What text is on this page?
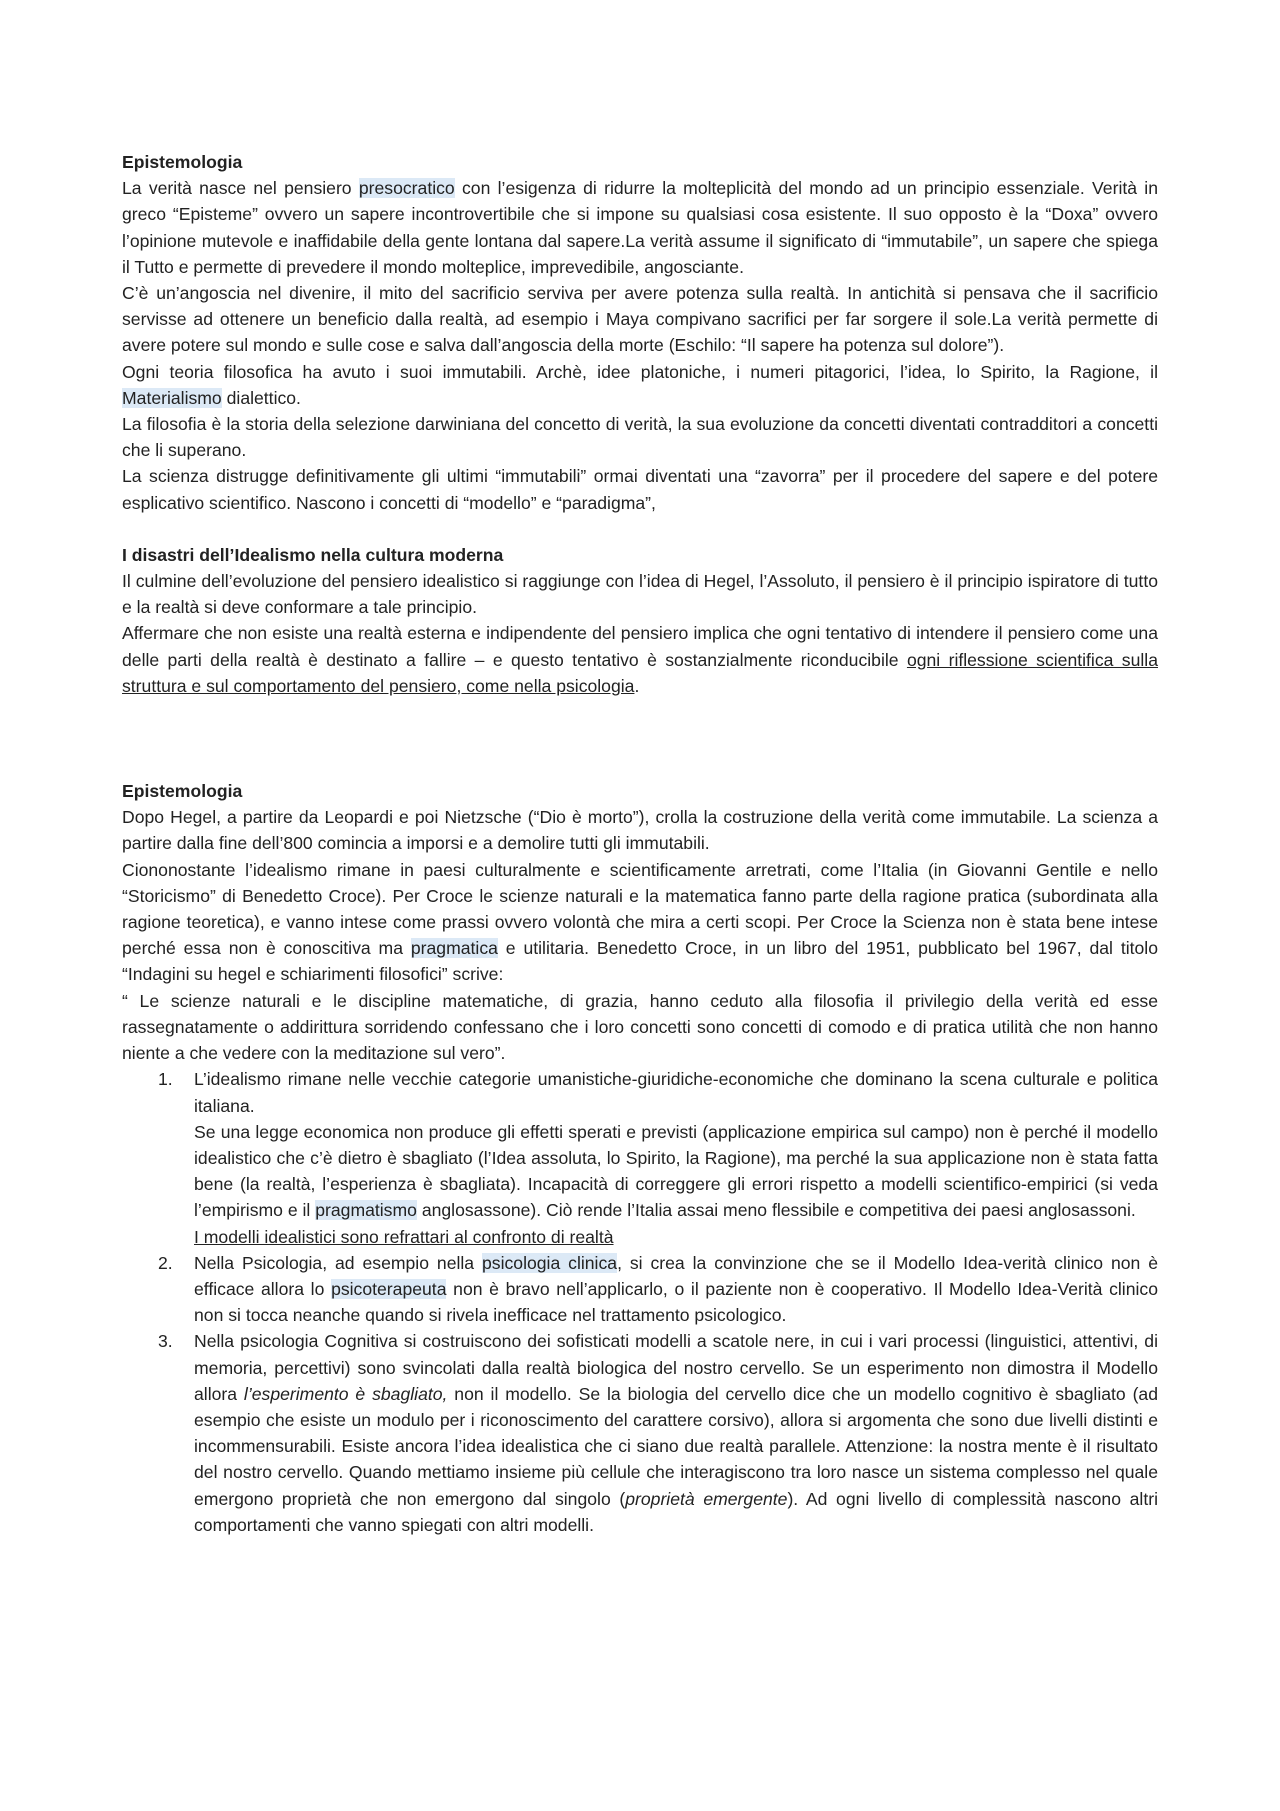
Epistemologia

La verità nasce nel pensiero presocratico con l’esigenza di ridurre la molteplicità del mondo ad un principio essenziale. Verità in greco “Episteme” ovvero un sapere incontrovertibile che si impone su qualsiasi cosa esistente. Il suo opposto è la “Doxa” ovvero l’opinione mutevole e inaffidabile della gente lontana dal sapere.La verità assume il significato di “immutabile”, un sapere che spiega il Tutto e permette di prevedere il mondo molteplice, imprevedibile, angosciante.

C’è un’angoscia nel divenire, il mito del sacrificio serviva per avere potenza sulla realtà. In antichità si pensava che il sacrificio servisse ad ottenere un beneficio dalla realtà, ad esempio i Maya compivano sacrifici per far sorgere il sole.La verità permette di avere potere sul mondo e sulle cose e salva dall’angoscia della morte (Eschilo: “Il sapere ha potenza sul dolore”).

Ogni teoria filosofica ha avuto i suoi immutabili. Archè, idee platoniche, i numeri pitagorici, l’idea, lo Spirito, la Ragione, il Materialismo dialettico.

La filosofia è la storia della selezione darwiniana del concetto di verità, la sua evoluzione da concetti diventati contradditori a concetti che li superano.

La scienza distrugge definitivamente gli ultimi “immutabili” ormai diventati una “zavorra” per il procedere del sapere e del potere esplicativo scientifico. Nascono i concetti di “modello” e “paradigma”,

I disastri dell’Idealismo nella cultura moderna

Il culmine dell’evoluzione del pensiero idealistico si raggiunge con l’idea di Hegel, l’Assoluto, il pensiero è il principio ispiratore di tutto e la realtà si deve conformare a tale principio.

Affermare che non esiste una realtà esterna e indipendente del pensiero implica che ogni tentativo di intendere il pensiero come una delle parti della realtà è destinato a fallire – e questo tentativo è sostanzialmente riconducibile ogni riflessione scientifica sulla struttura e sul comportamento del pensiero, come nella psicologia.

Epistemologia

Dopo Hegel, a partire da Leopardi e poi Nietzsche (“Dio è morto”), crolla la costruzione della verità come immutabile. La scienza a partire dalla fine dell’800 comincia a imporsi e a demolire tutti gli immutabili.

Ciononostante l’idealismo rimane in paesi culturalmente e scientificamente arretrati, come l’Italia (in Giovanni Gentile e nello “Storicismo” di Benedetto Croce). Per Croce le scienze naturali e la matematica fanno parte della ragione pratica (subordinata alla ragione teoretica), e vanno intese come prassi ovvero volontà che mira a certi scopi. Per Croce la Scienza non è stata bene intese perché essa non è conoscitiva ma pragmatica e utilitaria. Benedetto Croce, in un libro del 1951, pubblicato bel 1967, dal titolo “Indagini su hegel e schiarimenti filosofici” scrive:

“ Le scienze naturali e le discipline matematiche, di grazia, hanno ceduto alla filosofia il privilegio della verità ed esse rassegnatamente o addirittura sorridendo confessano che i loro concetti sono concetti di comodo e di pratica utilità che non hanno niente a che vedere con la meditazione sul vero”.

1. L’idealismo rimane nelle vecchie categorie umanistiche-giuridiche-economiche che dominano la scena culturale e politica italiana.

Se una legge economica non produce gli effetti sperati e previsti (applicazione empirica sul campo) non è perché il modello idealistico che c’è dietro è sbagliato (l’Idea assoluta, lo Spirito, la Ragione), ma perché la sua applicazione non è stata fatta bene (la realtà, l’esperienza è sbagliata). Incapacità di correggere gli errori rispetto a modelli scientifico-empirici (si veda l’empirismo e il pragmatismo anglosassone). Ciò rende l’Italia assai meno flessibile e competitiva dei paesi anglosassoni.

I modelli idealistici sono refrattari al confronto di realtà

2. Nella Psicologia, ad esempio nella psicologia clinica, si crea la convinzione che se il Modello Idea-verità clinico non è efficace allora lo psicoterapeuta non è bravo nell’applicarlo, o il paziente non è cooperativo. Il Modello Idea-Verità clinico non si tocca neanche quando si rivela inefficace nel trattamento psicologico.

3. Nella psicologia Cognitiva si costruiscono dei sofisticati modelli a scatole nere, in cui i vari processi (linguistici, attentivi, di memoria, percettivi) sono svincolati dalla realtà biologica del nostro cervello. Se un esperimento non dimostra il Modello allora l’esperimento è sbagliato, non il modello. Se la biologia del cervello dice che un modello cognitivo è sbagliato (ad esempio che esiste un modulo per i riconoscimento del carattere corsivo), allora si argomenta che sono due livelli distinti e incommensurabili. Esiste ancora l’idea idealistica che ci siano due realtà parallele. Attenzione: la nostra mente è il risultato del nostro cervello. Quando mettiamo insieme più cellule che interagiscono tra loro nasce un sistema complesso nel quale emergono proprietà che non emergono dal singolo (proprietà emergente). Ad ogni livello di complessità nascono altri comportamenti che vanno spiegati con altri modelli.
